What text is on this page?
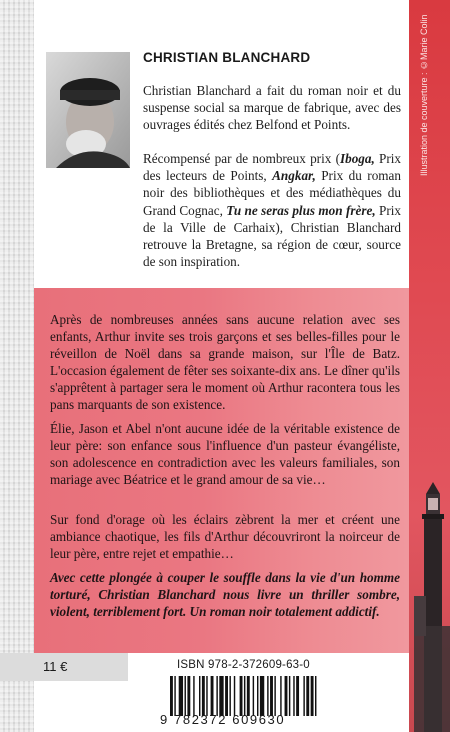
Illustration de couverture : ©Marie Colin
CHRISTIAN BLANCHARD

Christian Blanchard a fait du roman noir et du suspense social sa marque de fabrique, avec des ouvrages édités chez Belfond et Points.

Récompensé par de nombreux prix (Iboga, Prix des lecteurs de Points, Angkar, Prix du roman noir des bibliothèques et des médiathèques du Grand Cognac, Tu ne seras plus mon frère, Prix de la Ville de Carhaix), Christian Blanchard retrouve la Bretagne, sa région de cœur, source de son inspiration.

Après de nombreuses années sans aucune relation avec ses enfants, Arthur invite ses trois garçons et ses belles-filles pour le réveillon de Noël dans sa grande maison, sur l'Île de Batz. L'occasion également de fêter ses soixante-dix ans. Le dîner qu'ils s'apprêtent à partager sera le moment où Arthur racontera tous les pans marquants de son existence.

Élie, Jason et Abel n'ont aucune idée de la véritable existence de leur père: son enfance sous l'influence d'un pasteur évangéliste, son adolescence en contradiction avec les valeurs familiales, son mariage avec Béatrice et le grand amour de sa vie…

Sur fond d'orage où les éclairs zèbrent la mer et créent une ambiance chaotique, les fils d'Arthur découvriront la noirceur de leur père, entre rejet et empathie…

Avec cette plongée à couper le souffle dans la vie d'un homme torturé, Christian Blanchard nous livre un thriller sombre, violent, terriblement fort. Un roman noir totalement addictif.

11 €	ISBN 978-2-372609-63-0
9 782372 609630
